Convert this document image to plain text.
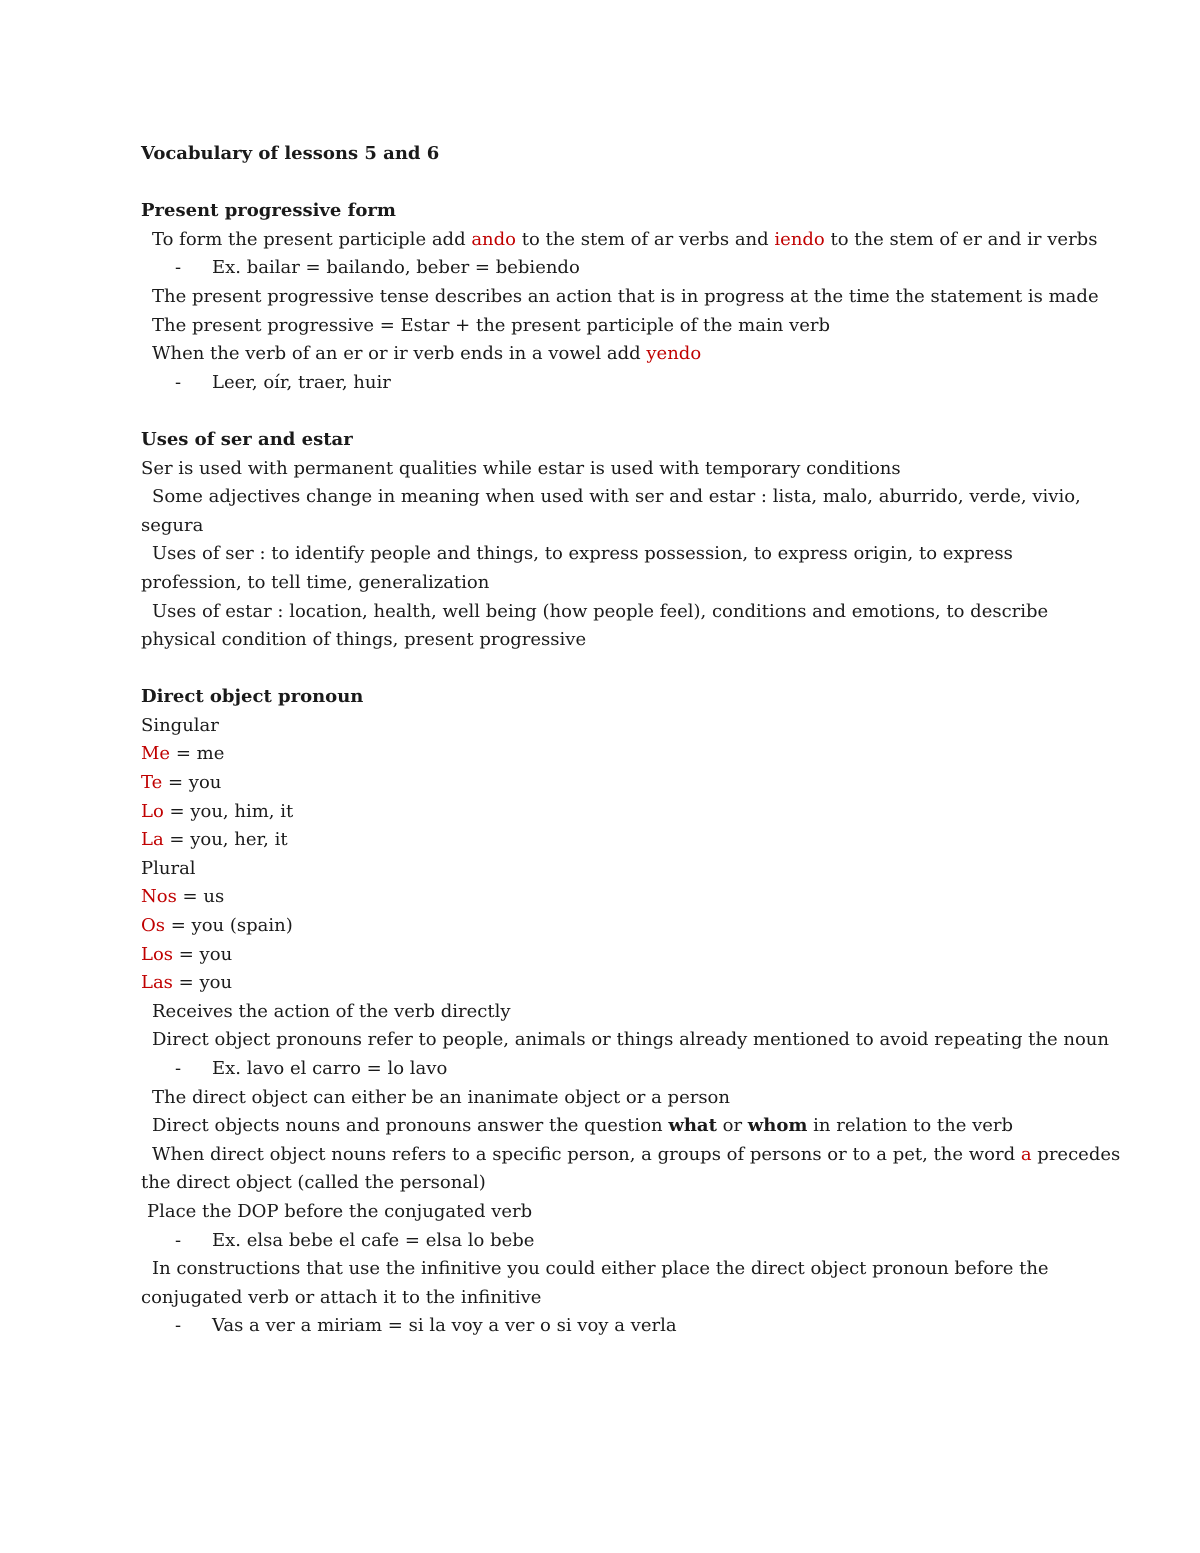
Vocabulary of lessons 5 and 6
Present progressive form
To form the present participle add ando to the stem of ar verbs and iendo to the stem of er and ir verbs
- Ex. bailar = bailando, beber = bebiendo
The present progressive tense describes an action that is in progress at the time the statement is made
The present progressive = Estar + the present participle of the main verb
When the verb of an er or ir verb ends in a vowel add yendo
- Leer, oír, traer, huir
Uses of ser and estar
Ser is used with permanent qualities while estar is used with temporary conditions
Some adjectives change in meaning when used with ser and estar : lista, malo, aburrido, verde, vivio,
segura
Uses of ser : to identify people and things, to express possession, to express origin, to express
profession, to tell time, generalization
Uses of estar : location, health, well being (how people feel), conditions and emotions, to describe
physical condition of things, present progressive
Direct object pronoun
Singular
Me = me
Te = you
Lo = you, him, it
La = you, her, it
Plural
Nos = us
Os = you (spain)
Los = you
Las = you
Receives the action of the verb directly
Direct object pronouns refer to people, animals or things already mentioned to avoid repeating the noun
- Ex. lavo el carro = lo lavo
The direct object can either be an inanimate object or a person
Direct objects nouns and pronouns answer the question what or whom in relation to the verb
When direct object nouns refers to a specific person, a groups of persons or to a pet, the word a precedes
the direct object (called the personal)
Place the DOP before the conjugated verb
- Ex. elsa bebe el cafe = elsa lo bebe
In constructions that use the infinitive you could either place the direct object pronoun before the
conjugated verb or attach it to the infinitive
- Vas a ver a miriam = si la voy a ver o si voy a verla
